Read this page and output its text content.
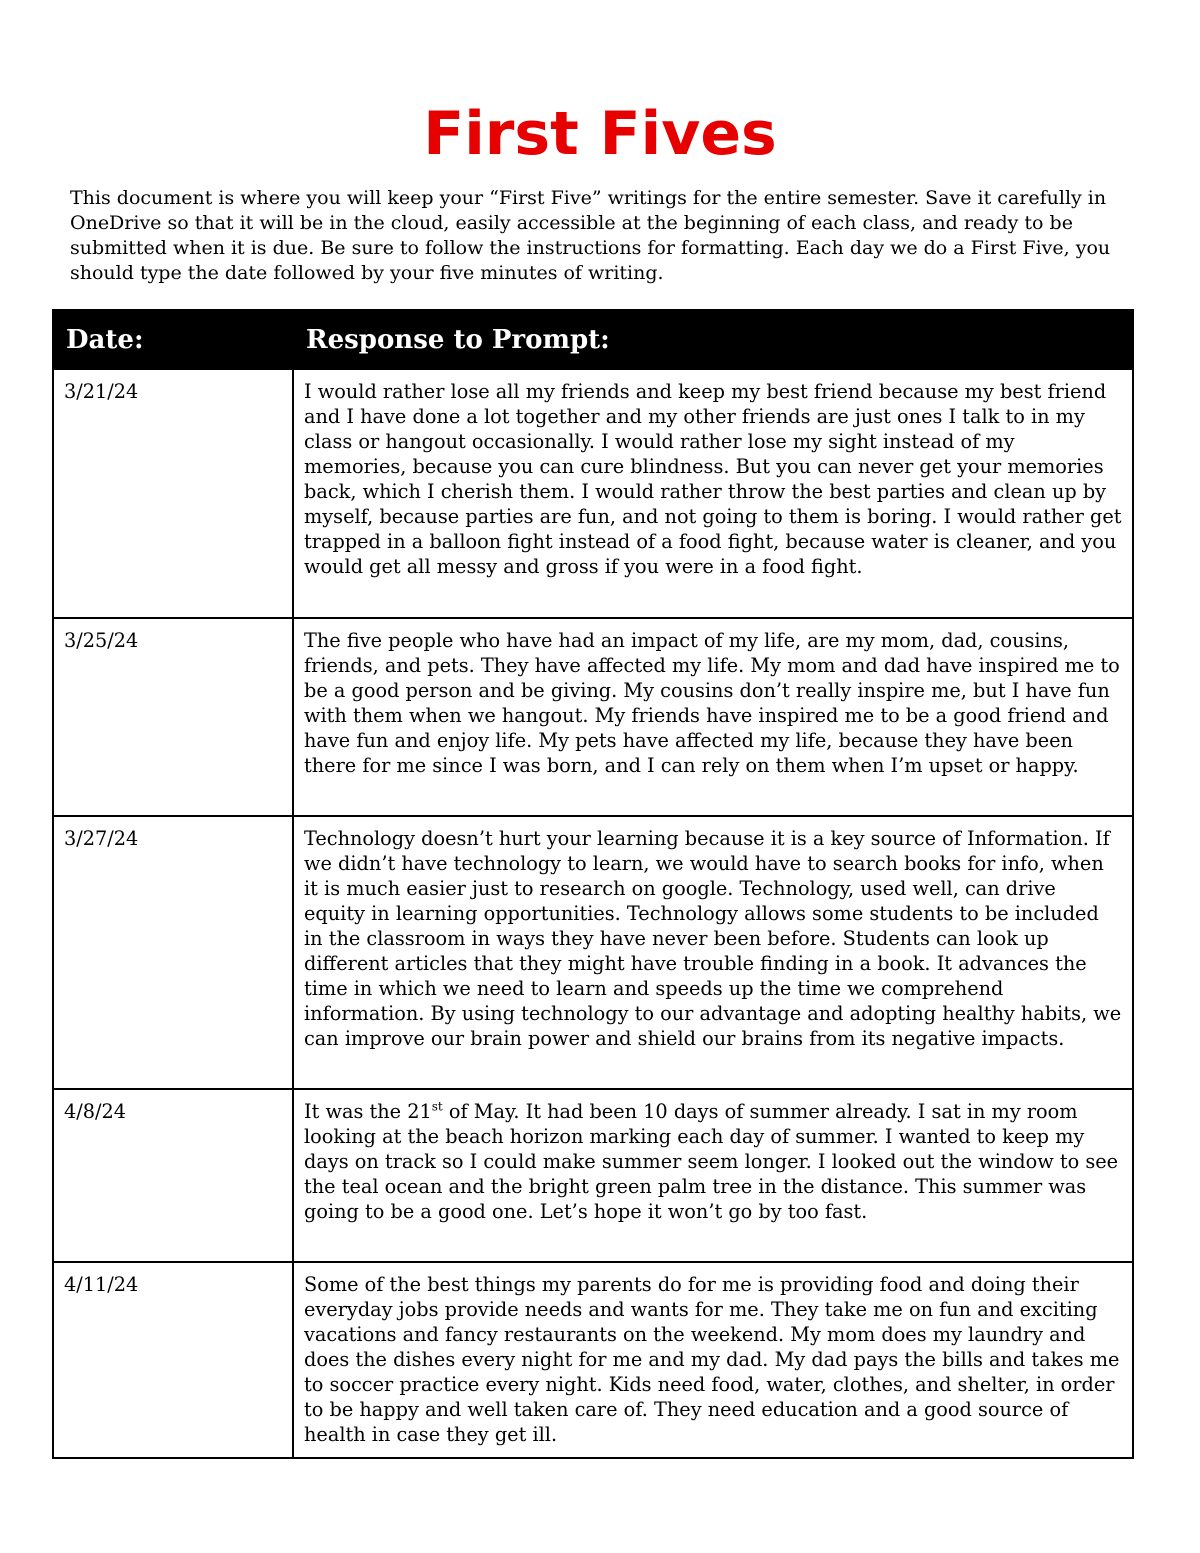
First Fives

This document is where you will keep your “First Five” writings for the entire semester. Save it carefully in OneDrive so that it will be in the cloud, easily accessible at the beginning of each class, and ready to be submitted when it is due. Be sure to follow the instructions for formatting. Each day we do a First Five, you should type the date followed by your five minutes of writing.

Date:	Response to Prompt:
3/21/24	I would rather lose all my friends and keep my best friend because my best friend and I have done a lot together and my other friends are just ones I talk to in my class or hangout occasionally. I would rather lose my sight instead of my memories, because you can cure blindness. But you can never get your memories back, which I cherish them. I would rather throw the best parties and clean up by myself, because parties are fun, and not going to them is boring. I would rather get trapped in a balloon fight instead of a food fight, because water is cleaner, and you would get all messy and gross if you were in a food fight.
3/25/24	The five people who have had an impact of my life, are my mom, dad, cousins, friends, and pets. They have affected my life. My mom and dad have inspired me to be a good person and be giving. My cousins don’t really inspire me, but I have fun with them when we hangout. My friends have inspired me to be a good friend and have fun and enjoy life. My pets have affected my life, because they have been there for me since I was born, and I can rely on them when I’m upset or happy.
3/27/24	Technology doesn’t hurt your learning because it is a key source of Information. If we didn’t have technology to learn, we would have to search books for info, when it is much easier just to research on google. Technology, used well, can drive equity in learning opportunities. Technology allows some students to be included in the classroom in ways they have never been before. Students can look up different articles that they might have trouble finding in a book. It advances the time in which we need to learn and speeds up the time we comprehend information. By using technology to our advantage and adopting healthy habits, we can improve our brain power and shield our brains from its negative impacts.
4/8/24	It was the 21st of May. It had been 10 days of summer already. I sat in my room looking at the beach horizon marking each day of summer. I wanted to keep my days on track so I could make summer seem longer. I looked out the window to see the teal ocean and the bright green palm tree in the distance. This summer was going to be a good one. Let’s hope it won’t go by too fast.
4/11/24	Some of the best things my parents do for me is providing food and doing their everyday jobs provide needs and wants for me. They take me on fun and exciting vacations and fancy restaurants on the weekend. My mom does my laundry and does the dishes every night for me and my dad. My dad pays the bills and takes me to soccer practice every night. Kids need food, water, clothes, and shelter, in order to be happy and well taken care of. They need education and a good source of health in case they get ill.
